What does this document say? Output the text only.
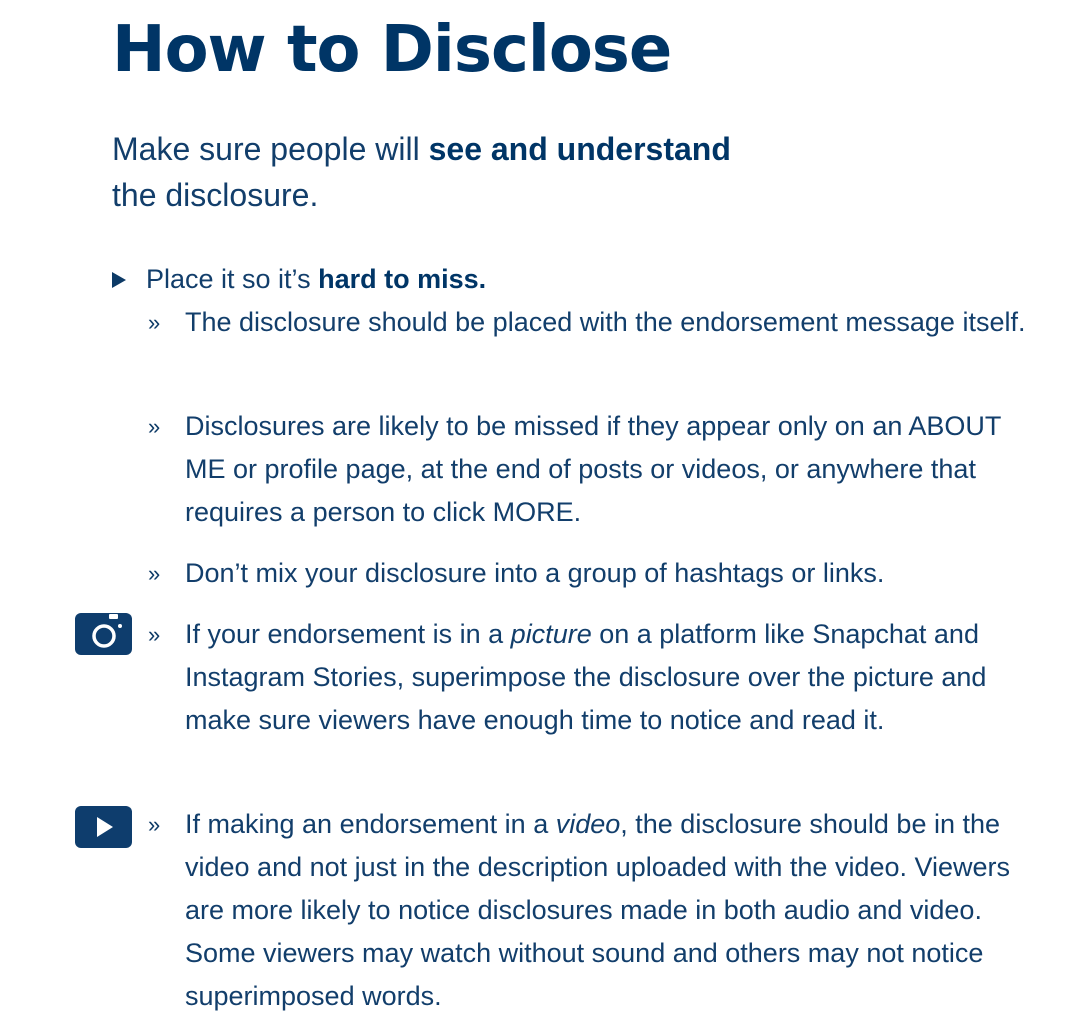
How to Disclose

Make sure people will see and understand
the disclosure.

Place it so it’s hard to miss.
» The disclosure should be placed with the endorsement message itself.
» Disclosures are likely to be missed if they appear only on an ABOUT ME or profile page, at the end of posts or videos, or anywhere that requires a person to click MORE.
» Don’t mix your disclosure into a group of hashtags or links.
» If your endorsement is in a picture on a platform like Snapchat and Instagram Stories, superimpose the disclosure over the picture and make sure viewers have enough time to notice and read it.
» If making an endorsement in a video, the disclosure should be in the video and not just in the description uploaded with the video. Viewers are more likely to notice disclosures made in both audio and video. Some viewers may watch without sound and others may not notice superimposed words.
